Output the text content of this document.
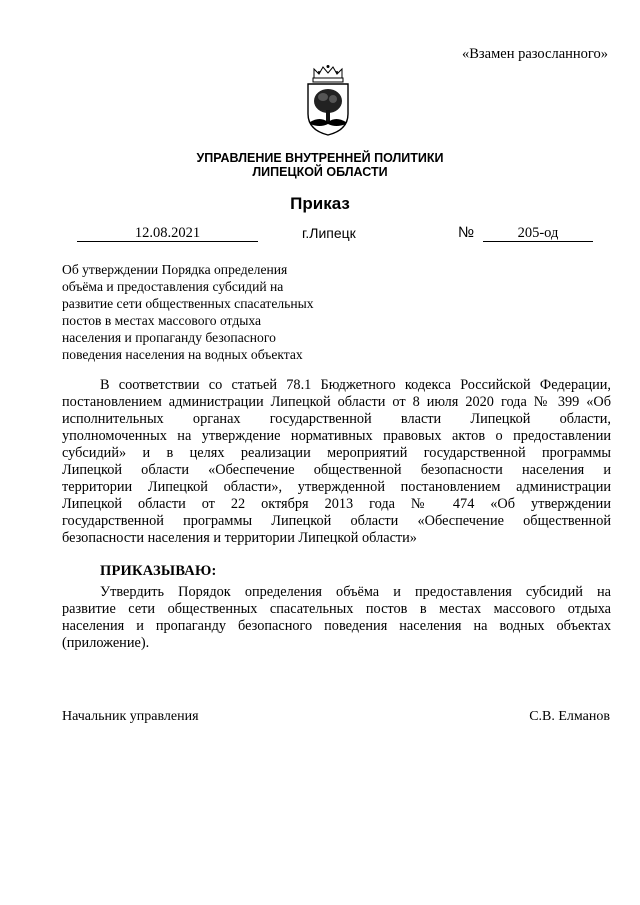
«Взамен разосланного»
УПРАВЛЕНИЕ ВНУТРЕННЕЙ ПОЛИТИКИ
ЛИПЕЦКОЙ ОБЛАСТИ
Приказ
12.08.2021	г.Липецк	№	205-од
Об утверждении Порядка определения
объёма и предоставления субсидий на
развитие сети общественных спасательных
постов в местах массового отдыха
населения и пропаганду безопасного
поведения населения на водных объектах
В соответствии со статьей 78.1 Бюджетного кодекса Российской Федерации,
постановлением администрации Липецкой области от 8 июля 2020 года № 399 «Об
исполнительных органах государственной власти Липецкой области,
уполномоченных на утверждение нормативных правовых актов о предоставлении
субсидий» и в целях реализации мероприятий государственной программы
Липецкой области «Обеспечение общественной безопасности населения и
территории Липецкой области», утвержденной постановлением администрации
Липецкой области от 22 октября 2013 года № 474 «Об утверждении
государственной программы Липецкой области «Обеспечение общественной
безопасности населения и территории Липецкой области»
ПРИКАЗЫВАЮ:
Утвердить Порядок определения объёма и предоставления субсидий на
развитие сети общественных спасательных постов в местах массового отдыха
населения и пропаганду безопасного поведения населения на водных объектах
(приложение).
Начальник управления	С.В. Елманов
